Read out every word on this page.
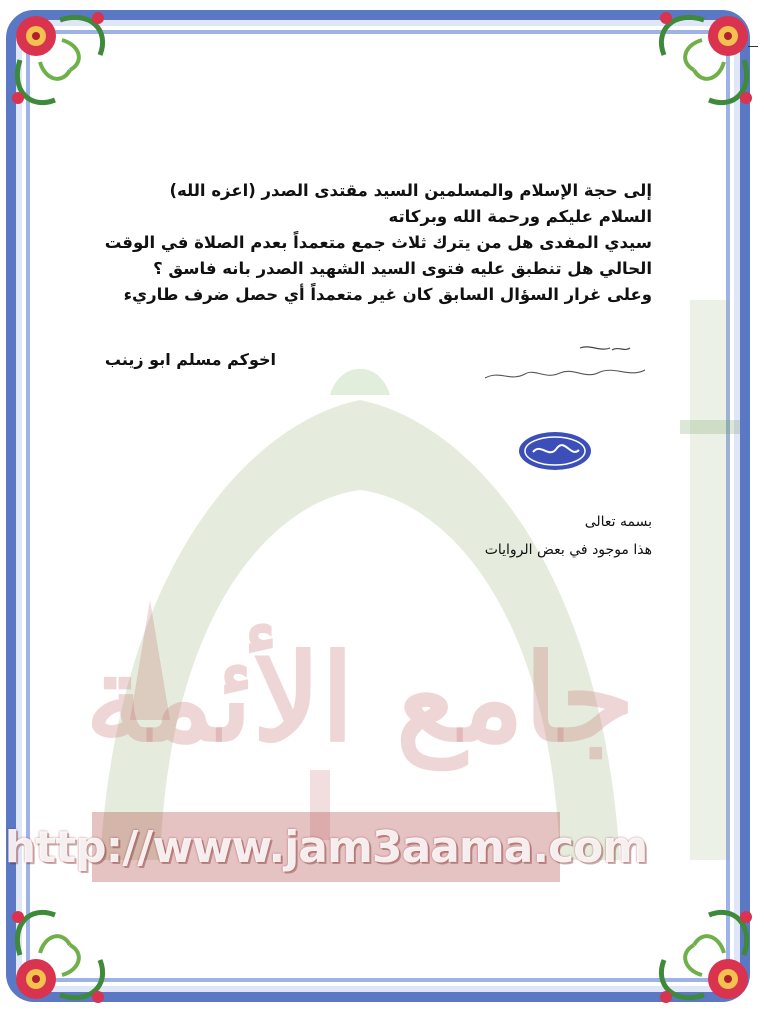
جامع الأئمة
http://www.jam3aama.com

إلى حجة الإسلام والمسلمين السيد مقتدى الصدر (اعزه الله)

السلام عليكم ورحمة الله وبركاته

سيدي المفدى هل من يترك ثلاث جمع متعمداً بعدم الصلاة في الوقت

الحالي هل تنطبق عليه فتوى السيد الشهيد الصدر بانه فاسق ؟

وعلى غرار السؤال السابق كان غير متعمداً أي حصل ضرف طاريء

اخوكم مسلم ابو زينب

بسمه تعالى

هذا موجود في بعض الروايات
